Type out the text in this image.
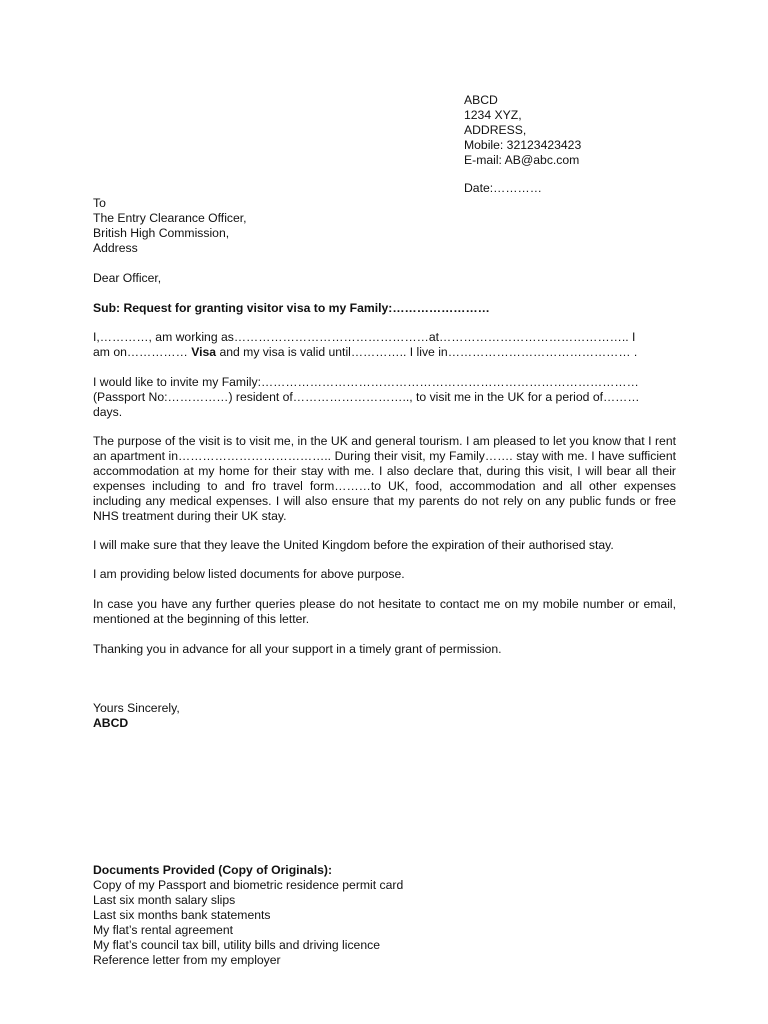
ABCD
1234 XYZ,
ADDRESS,
Mobile: 32123423423
E-mail: AB@abc.com
Date:…………
To
The Entry Clearance Officer,
British High Commission,
Address
Dear Officer,
Sub: Request for granting visitor visa to my Family:……………………
I,…………, am working as…………………………………………at……………………………………….. I
am on…………… Visa and my visa is valid until………….. I live in……………………………………… .
I would like to invite my Family:…………………………………………………………………………………
(Passport No:……………) resident of……………………….., to visit me in the UK for a period of………
days.
The purpose of the visit is to visit me, in the UK and general tourism. I am pleased to let you know that I rent an apartment in……………………………….. During their visit, my Family……. stay with me. I have sufficient accommodation at my home for their stay with me. I also declare that, during this visit, I will bear all their expenses including to and fro travel form………to UK, food, accommodation and all other expenses including any medical expenses. I will also ensure that my parents do not rely on any public funds or free NHS treatment during their UK stay.
I will make sure that they leave the United Kingdom before the expiration of their authorised stay.
I am providing below listed documents for above purpose.
In case you have any further queries please do not hesitate to contact me on my mobile number or email, mentioned at the beginning of this letter.
Thanking you in advance for all your support in a timely grant of permission.
Yours Sincerely,
ABCD
Documents Provided (Copy of Originals):
Copy of my Passport and biometric residence permit card
Last six month salary slips
Last six months bank statements
My flat’s rental agreement
My flat’s council tax bill, utility bills and driving licence
Reference letter from my employer
